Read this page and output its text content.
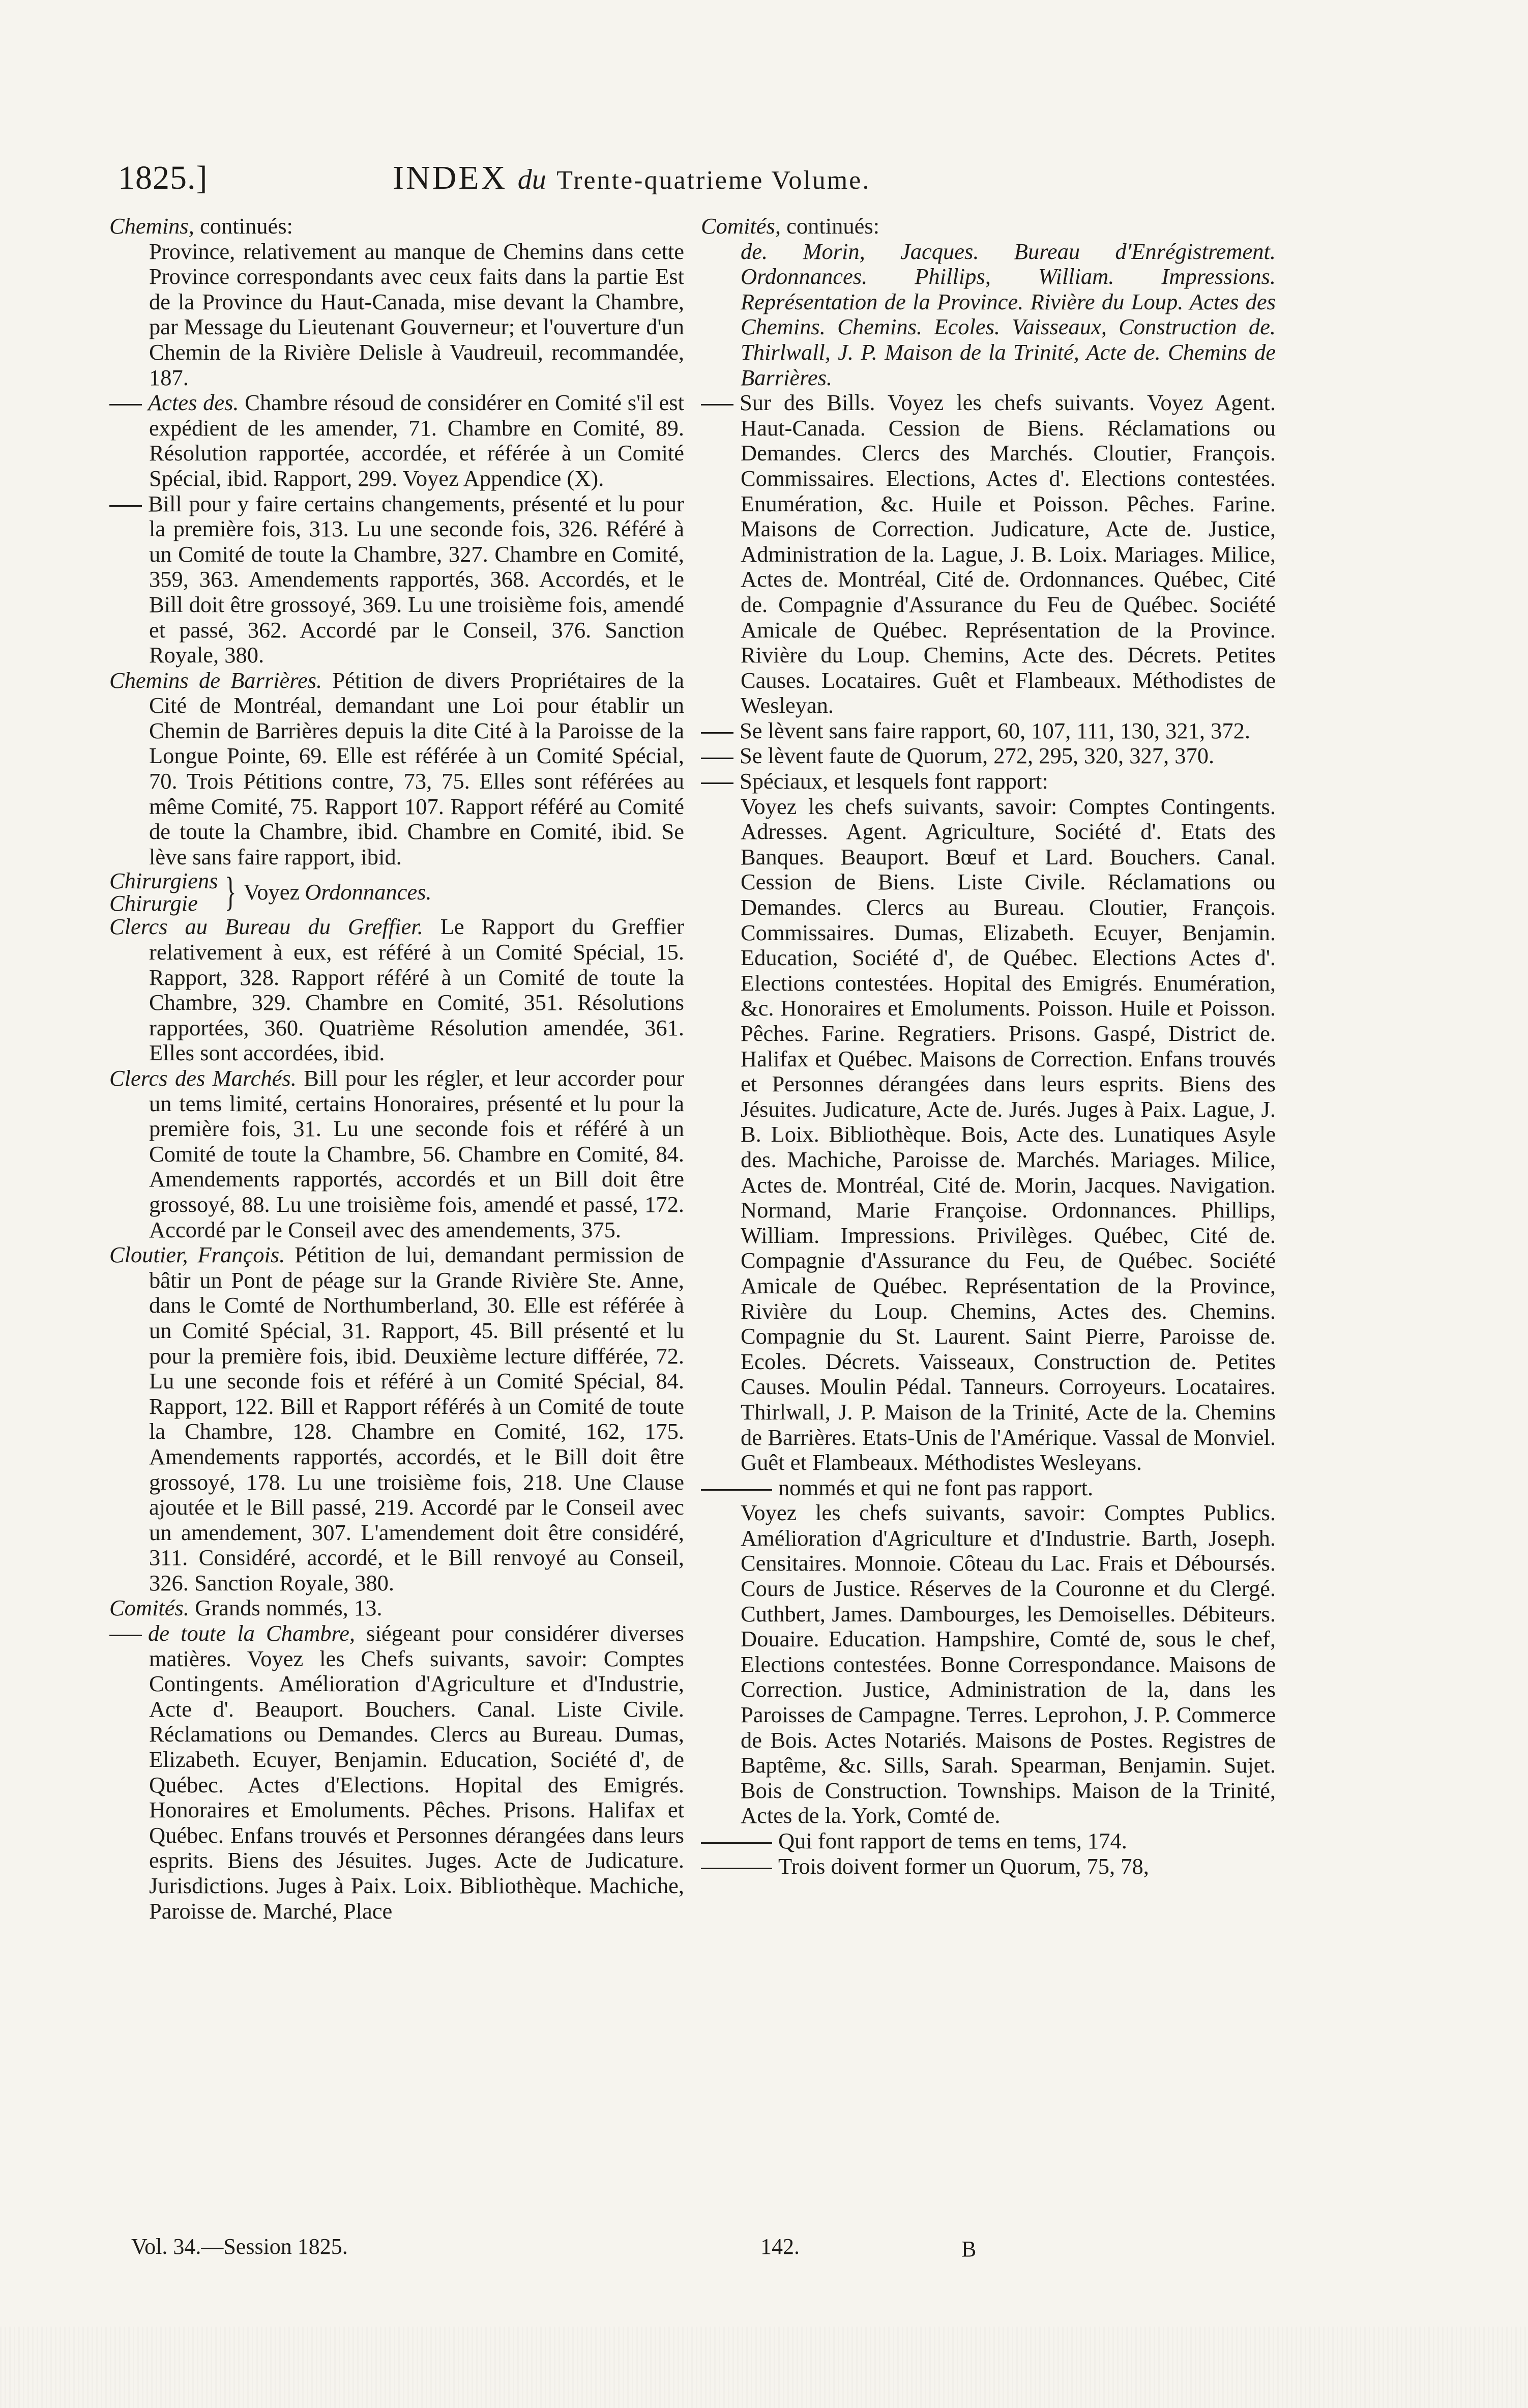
1825.]	INDEX du Trente-quatrieme Volume.

Chemins, continués:

Province, relativement au manque de Chemins dans cette Province correspondants avec ceux faits dans la partie Est de la Province du Haut-Canada, mise devant la Chambre, par Message du Lieutenant Gouverneur; et l'ouverture d'un Chemin de la Rivière Delisle à Vaudreuil, recommandée, 187.

Actes des. Chambre résoud de considérer en Comité s'il est expédient de les amender, 71. Chambre en Comité, 89. Résolution rapportée, accordée, et référée à un Comité Spécial, ibid. Rapport, 299. Voyez Appendice (X).

Bill pour y faire certains changements, présenté et lu pour la première fois, 313. Lu une seconde fois, 326. Référé à un Comité de toute la Chambre, 327. Chambre en Comité, 359, 363. Amendements rapportés, 368. Accordés, et le Bill doit être grossoyé, 369. Lu une troisième fois, amendé et passé, 362. Accordé par le Conseil, 376. Sanction Royale, 380.

Chemins de Barrières. Pétition de divers Propriétaires de la Cité de Montréal, demandant une Loi pour établir un Chemin de Barrières depuis la dite Cité à la Paroisse de la Longue Pointe, 69. Elle est référée à un Comité Spécial, 70. Trois Pétitions contre, 73, 75. Elles sont référées au même Comité, 75. Rapport 107. Rapport référé au Comité de toute la Chambre, ibid. Chambre en Comité, ibid. Se lève sans faire rapport, ibid.

Chirurgiens
Chirurgie } Voyez Ordonnances.

Clercs au Bureau du Greffier. Le Rapport du Greffier relativement à eux, est référé à un Comité Spécial, 15. Rapport, 328. Rapport référé à un Comité de toute la Chambre, 329. Chambre en Comité, 351. Résolutions rapportées, 360. Quatrième Résolution amendée, 361. Elles sont accordées, ibid.

Clercs des Marchés. Bill pour les régler, et leur accorder pour un tems limité, certains Honoraires, présenté et lu pour la première fois, 31. Lu une seconde fois et référé à un Comité de toute la Chambre, 56. Chambre en Comité, 84. Amendements rapportés, accordés et un Bill doit être grossoyé, 88. Lu une troisième fois, amendé et passé, 172. Accordé par le Conseil avec des amendements, 375.

Cloutier, François. Pétition de lui, demandant permission de bâtir un Pont de péage sur la Grande Rivière Ste. Anne, dans le Comté de Northumberland, 30. Elle est référée à un Comité Spécial, 31. Rapport, 45. Bill présenté et lu pour la première fois, ibid. Deuxième lecture différée, 72. Lu une seconde fois et référé à un Comité Spécial, 84. Rapport, 122. Bill et Rapport référés à un Comité de toute la Chambre, 128. Chambre en Comité, 162, 175. Amendements rapportés, accordés, et le Bill doit être grossoyé, 178. Lu une troisième fois, 218. Une Clause ajoutée et le Bill passé, 219. Accordé par le Conseil avec un amendement, 307. L'amendement doit être considéré, 311. Considéré, accordé, et le Bill renvoyé au Conseil, 326. Sanction Royale, 380.

Comités. Grands nommés, 13.

de toute la Chambre, siégeant pour considérer diverses matières. Voyez les Chefs suivants, savoir: Comptes Contingents. Amélioration d'Agriculture et d'Industrie, Acte d'. Beauport. Bouchers. Canal. Liste Civile. Réclamations ou Demandes. Clercs au Bureau. Dumas, Elizabeth. Ecuyer, Benjamin. Education, Société d', de Québec. Actes d'Elections. Hopital des Emigrés. Honoraires et Emoluments. Pêches. Prisons. Halifax et Québec. Enfans trouvés et Personnes dérangées dans leurs esprits. Biens des Jésuites. Juges. Acte de Judicature. Jurisdictions. Juges à Paix. Loix. Bibliothèque. Machiche, Paroisse de. Marché, Place

Comités, continués:

de. Morin, Jacques. Bureau d'Enrégistrement. Ordonnances. Phillips, William. Impressions. Représentation de la Province. Rivière du Loup. Actes des Chemins. Chemins. Ecoles. Vaisseaux, Construction de. Thirlwall, J. P. Maison de la Trinité, Acte de. Chemins de Barrières.

Sur des Bills. Voyez les chefs suivants. Voyez Agent. Haut-Canada. Cession de Biens. Réclamations ou Demandes. Clercs des Marchés. Cloutier, François. Commissaires. Elections, Actes d'. Elections contestées. Enumération, &c. Huile et Poisson. Pêches. Farine. Maisons de Correction. Judicature, Acte de. Justice, Administration de la. Lague, J. B. Loix. Mariages. Milice, Actes de. Montréal, Cité de. Ordonnances. Québec, Cité de. Compagnie d'Assurance du Feu de Québec. Société Amicale de Québec. Représentation de la Province. Rivière du Loup. Chemins, Acte des. Décrets. Petites Causes. Locataires. Guêt et Flambeaux. Méthodistes de Wesleyan.

Se lèvent sans faire rapport, 60, 107, 111, 130, 321, 372.

Se lèvent faute de Quorum, 272, 295, 320, 327, 370.

Spéciaux, et lesquels font rapport:

Voyez les chefs suivants, savoir: Comptes Contingents. Adresses. Agent. Agriculture, Société d'. Etats des Banques. Beauport. Bœuf et Lard. Bouchers. Canal. Cession de Biens. Liste Civile. Réclamations ou Demandes. Clercs au Bureau. Cloutier, François. Commissaires. Dumas, Elizabeth. Ecuyer, Benjamin. Education, Société d', de Québec. Elections Actes d'. Elections contestées. Hopital des Emigrés. Enumération, &c. Honoraires et Emoluments. Poisson. Huile et Poisson. Pêches. Farine. Regratiers. Prisons. Gaspé, District de. Halifax et Québec. Maisons de Correction. Enfans trouvés et Personnes dérangées dans leurs esprits. Biens des Jésuites. Judicature, Acte de. Jurés. Juges à Paix. Lague, J. B. Loix. Bibliothèque. Bois, Acte des. Lunatiques Asyle des. Machiche, Paroisse de. Marchés. Mariages. Milice, Actes de. Montréal, Cité de. Morin, Jacques. Navigation. Normand, Marie Françoise. Ordonnances. Phillips, William. Impressions. Privilèges. Québec, Cité de. Compagnie d'Assurance du Feu, de Québec. Société Amicale de Québec. Représentation de la Province, Rivière du Loup. Chemins, Actes des. Chemins. Compagnie du St. Laurent. Saint Pierre, Paroisse de. Ecoles. Décrets. Vaisseaux, Construction de. Petites Causes. Moulin Pédal. Tanneurs. Corroyeurs. Locataires. Thirlwall, J. P. Maison de la Trinité, Acte de la. Chemins de Barrières. Etats-Unis de l'Amérique. Vassal de Monviel. Guêt et Flambeaux. Méthodistes Wesleyans.

nommés et qui ne font pas rapport.

Voyez les chefs suivants, savoir: Comptes Publics. Amélioration d'Agriculture et d'Industrie. Barth, Joseph. Censitaires. Monnoie. Côteau du Lac. Frais et Déboursés. Cours de Justice. Réserves de la Couronne et du Clergé. Cuthbert, James. Dambourges, les Demoiselles. Débiteurs. Douaire. Education. Hampshire, Comté de, sous le chef, Elections contestées. Bonne Correspondance. Maisons de Correction. Justice, Administration de la, dans les Paroisses de Campagne. Terres. Leprohon, J. P. Commerce de Bois. Actes Notariés. Maisons de Postes. Registres de Baptême, &c. Sills, Sarah. Spearman, Benjamin. Sujet. Bois de Construction. Townships. Maison de la Trinité, Actes de la. York, Comté de.

Qui font rapport de tems en tems, 174.

Trois doivent former un Quorum, 75, 78,

Vol. 34.—Session 1825.	142.	B
